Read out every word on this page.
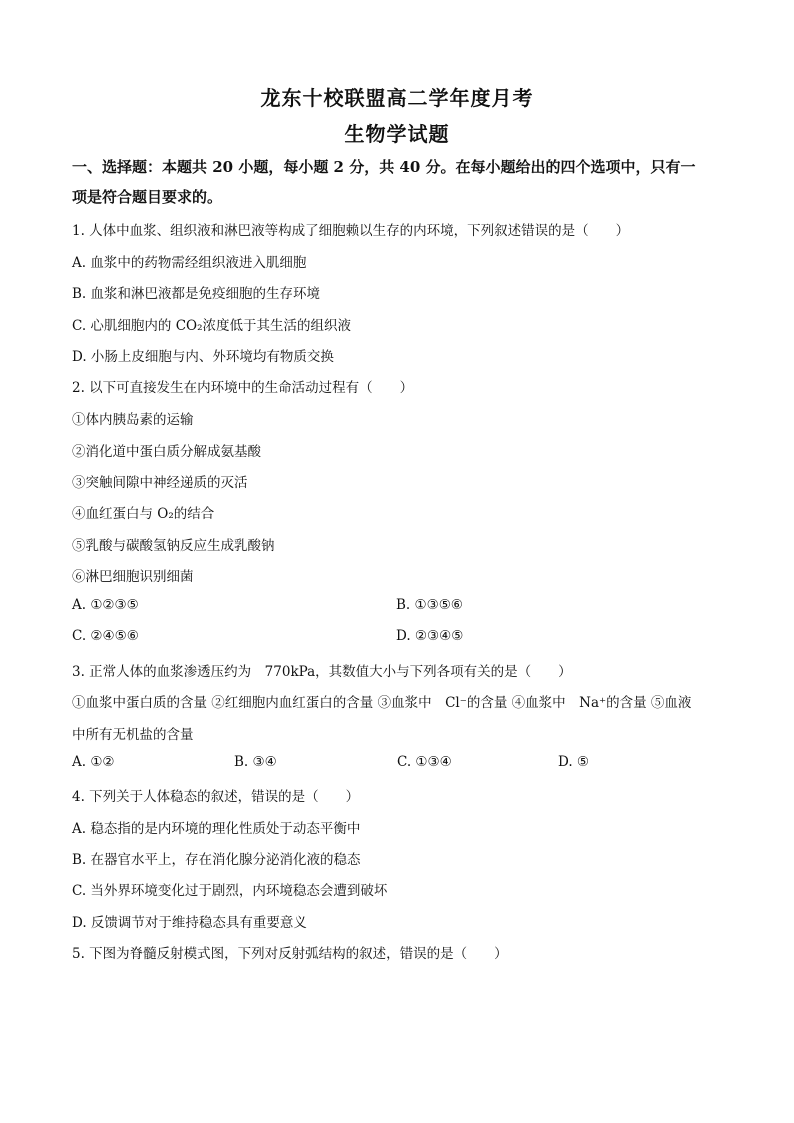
龙东十校联盟高二学年度月考
生物学试题
一、选择题：本题共 20 小题，每小题 2 分，共 40 分。在每小题给出的四个选项中，只有一
项是符合题目要求的。
1. 人体中血浆、组织液和淋巴液等构成了细胞赖以生存的内环境，下列叙述错误的是（　　）
A. 血浆中的药物需经组织液进入肌细胞
B. 血浆和淋巴液都是免疫细胞的生存环境
C. 心肌细胞内的 CO₂浓度低于其生活的组织液
D. 小肠上皮细胞与内、外环境均有物质交换
2. 以下可直接发生在内环境中的生命活动过程有（　　）
①体内胰岛素的运输
②消化道中蛋白质分解成氨基酸
③突触间隙中神经递质的灭活
④血红蛋白与 O₂的结合
⑤乳酸与碳酸氢钠反应生成乳酸钠
⑥淋巴细胞识别细菌
A. ①②③⑤	B. ①③⑤⑥
C. ②④⑤⑥	D. ②③④⑤
3. 正常人体的血浆渗透压约为　770kPa，其数值大小与下列各项有关的是（　　）
①血浆中蛋白质的含量 ②红细胞内血红蛋白的含量 ③血浆中　Cl⁻的含量 ④血浆中　Na⁺的含量 ⑤血液
中所有无机盐的含量
A. ①②	B. ③④	C. ①③④	D. ⑤
4. 下列关于人体稳态的叙述，错误的是（　　）
A. 稳态指的是内环境的理化性质处于动态平衡中
B. 在器官水平上，存在消化腺分泌消化液的稳态
C. 当外界环境变化过于剧烈，内环境稳态会遭到破坏
D. 反馈调节对于维持稳态具有重要意义
5. 下图为脊髓反射模式图，下列对反射弧结构的叙述，错误的是（　　）
